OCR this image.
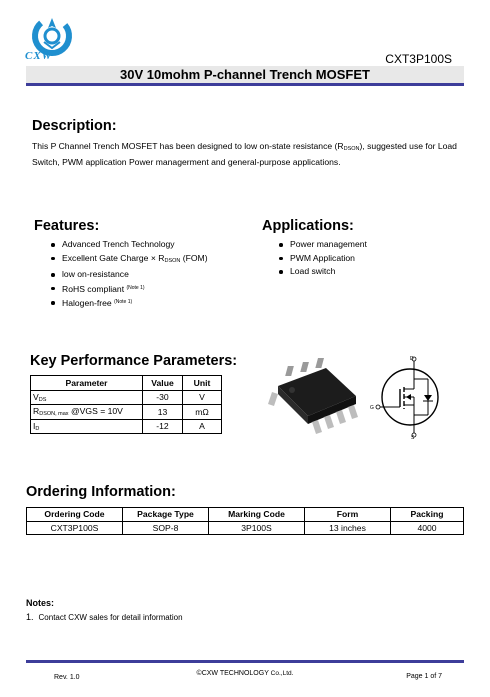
CXW	CXT3P100S
30V 10mohm P-channel Trench MOSFET
Description:

This P Channel Trench MOSFET has been designed to low on-state resistance (RDSON), suggested use for Load Switch, PWM application Power managerment and general-purpose applications.

Features:
Advanced Trench Technology
Excellent Gate Charge × RDSON (FOM)
low on-resistance
RoHS compliant $^{(Note 1)}$
Halogen-free $^{(Note 1)}$
Applications:
Power management
PWM Application
Load switch
Key Performance Parameters:
Parameter	Value	Unit
VDS	-30	V
RDSON, max @VGS = 10V	13	mΩ
ID	-12	A
D
G
S
Ordering Information:
Ordering Code	Package Type	Marking Code	Form	Packing
CXT3P100S	SOP-8	3P100S	13 inches	4000
Notes:
1. Contact CXW sales for detail information
Rev. 1.0
©CXW TECHNOLOGY Co.,Ltd.	Page 1 of 7
